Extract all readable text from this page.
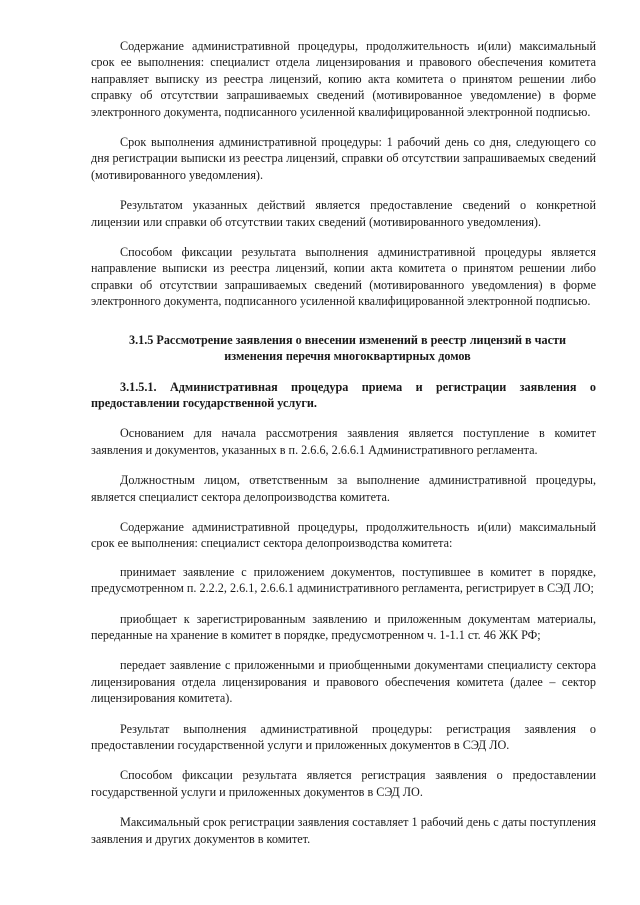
Содержание административной процедуры, продолжительность и(или) максимальный срок ее выполнения: специалист отдела лицензирования и правового обеспечения комитета направляет выписку из реестра лицензий, копию акта комитета о принятом решении либо справку об отсутствии запрашиваемых сведений (мотивированное уведомление) в форме электронного документа, подписанного усиленной квалифицированной электронной подписью.

Срок выполнения административной процедуры: 1 рабочий день со дня, следующего со дня регистрации выписки из реестра лицензий, справки об отсутствии запрашиваемых сведений (мотивированного уведомления).

Результатом указанных действий является предоставление сведений о конкретной лицензии или справки об отсутствии таких сведений (мотивированного уведомления).

Способом фиксации результата выполнения административной процедуры является направление выписки из реестра лицензий, копии акта комитета о принятом решении либо справки об отсутствии запрашиваемых сведений (мотивированного уведомления) в форме электронного документа, подписанного усиленной квалифицированной электронной подписью.

3.1.5 Рассмотрение заявления о внесении изменений в реестр лицензий в части изменения перечня многоквартирных домов

3.1.5.1. Административная процедура приема и регистрации заявления о предоставлении государственной услуги.

Основанием для начала рассмотрения заявления является поступление в комитет заявления и документов, указанных в п. 2.6.6, 2.6.6.1 Административного регламента.

Должностным лицом, ответственным за выполнение административной процедуры, является специалист сектора делопроизводства комитета.

Содержание административной процедуры, продолжительность и(или) максимальный срок ее выполнения: специалист сектора делопроизводства комитета:

принимает заявление с приложением документов, поступившее в комитет в порядке, предусмотренном п. 2.2.2, 2.6.1, 2.6.6.1 административного регламента, регистрирует в СЭД ЛО;

приобщает к зарегистрированным заявлению и приложенным документам материалы, переданные на хранение в комитет в порядке, предусмотренном ч. 1-1.1 ст. 46 ЖК РФ;

передает заявление с приложенными и приобщенными документами специалисту сектора лицензирования отдела лицензирования и правового обеспечения комитета (далее – сектор лицензирования комитета).

Результат выполнения административной процедуры: регистрация заявления о предоставлении государственной услуги и приложенных документов в СЭД ЛО.

Способом фиксации результата является регистрация заявления о предоставлении государственной услуги и приложенных документов в СЭД ЛО.

Максимальный срок регистрации заявления составляет 1 рабочий день с даты поступления заявления и других документов в комитет.
